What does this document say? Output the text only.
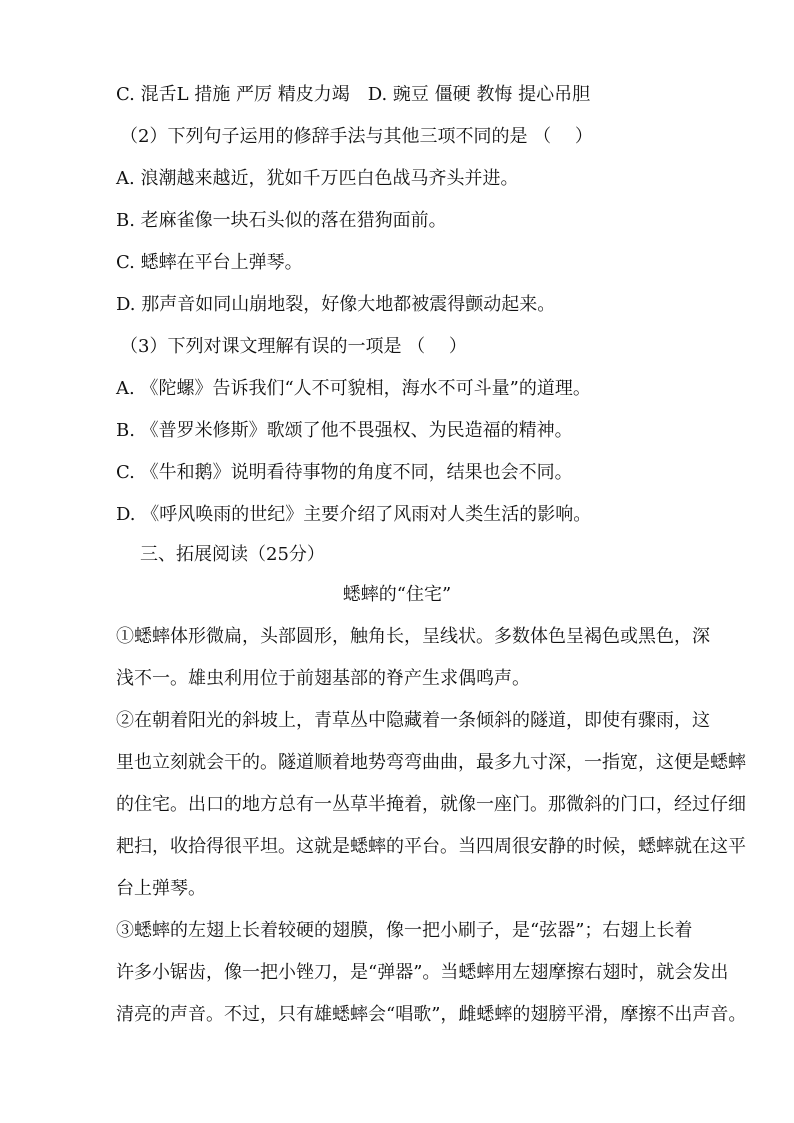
C. 混舌L 措施 严厉 精皮力竭　D. 豌豆 僵硬 教悔 提心吊胆
（2）下列句子运用的修辞手法与其他三项不同的是 （　 ）
A. 浪潮越来越近，犹如千万匹白色战马齐头并进。
B. 老麻雀像一块石头似的落在猎狗面前。
C. 蟋蟀在平台上弹琴。
D. 那声音如同山崩地裂，好像大地都被震得颤动起来。
（3）下列对课文理解有误的一项是 （　 ）
A. 《陀螺》告诉我们“人不可貌相，海水不可斗量”的道理。
B. 《普罗米修斯》歌颂了他不畏强权、为民造福的精神。
C. 《牛和鹅》说明看待事物的角度不同，结果也会不同。
D. 《呼风唤雨的世纪》主要介绍了风雨对人类生活的影响。
三、拓展阅读（25分）
蟋蟀的“住宅”
①蟋蟀体形微扁，头部圆形，触角长，呈线状。多数体色呈褐色或黑色，深
浅不一。雄虫利用位于前翅基部的脊产生求偶鸣声。
②在朝着阳光的斜坡上，青草丛中隐藏着一条倾斜的隧道，即使有骤雨，这
里也立刻就会干的。隧道顺着地势弯弯曲曲，最多九寸深，一指宽，这便是蟋蟀
的住宅。出口的地方总有一丛草半掩着，就像一座门。那微斜的门口，经过仔细
耙扫，收拾得很平坦。这就是蟋蟀的平台。当四周很安静的时候，蟋蟀就在这平
台上弹琴。
③蟋蟀的左翅上长着较硬的翅膜，像一把小刷子，是“弦器”；右翅上长着
许多小锯齿，像一把小锉刀，是“弹器”。当蟋蟀用左翅摩擦右翅时，就会发出
清亮的声音。不过，只有雄蟋蟀会“唱歌”，雌蟋蟀的翅膀平滑，摩擦不出声音。
